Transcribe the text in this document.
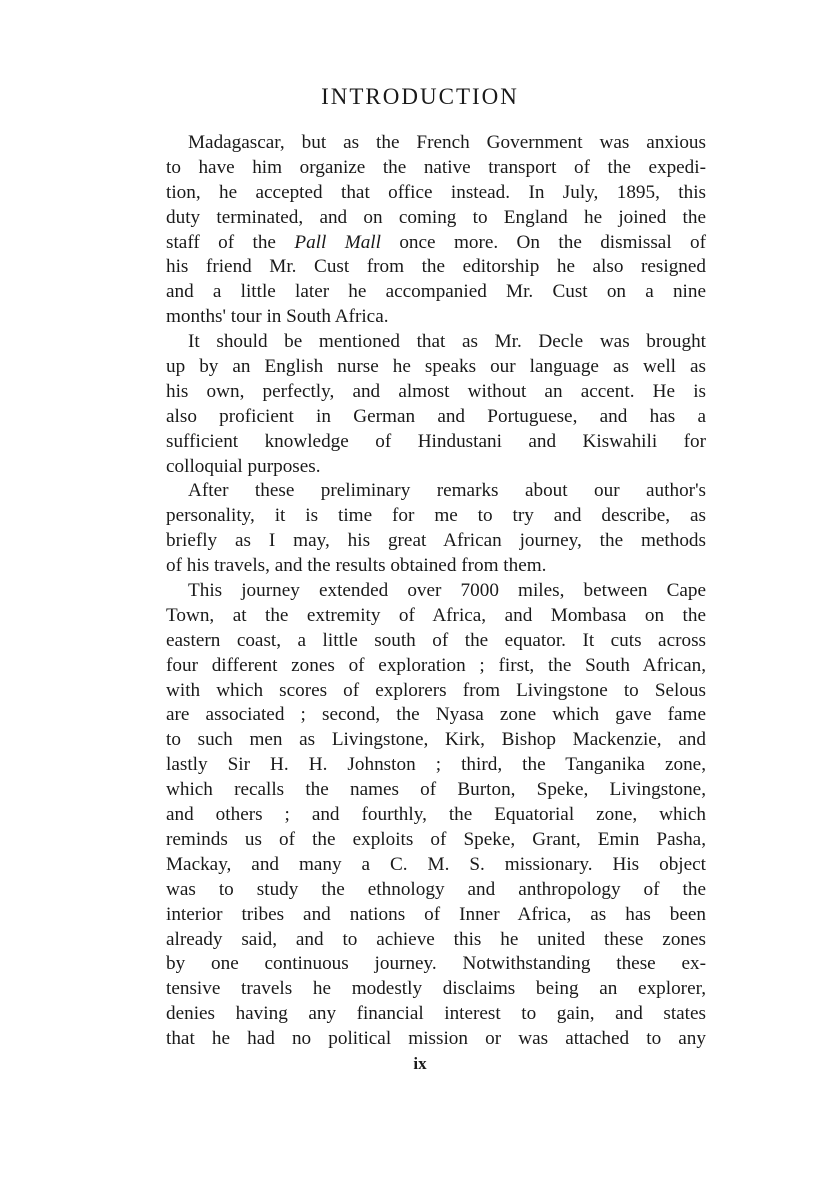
INTRODUCTION
Madagascar, but as the French Government was anxious
to have him organize the native transport of the expedi-
tion, he accepted that office instead. In July, 1895, this
duty terminated, and on coming to England he joined the
staff of the Pall Mall once more. On the dismissal of
his friend Mr. Cust from the editorship he also resigned
and a little later he accompanied Mr. Cust on a nine
months' tour in South Africa.
It should be mentioned that as Mr. Decle was brought
up by an English nurse he speaks our language as well as
his own, perfectly, and almost without an accent. He is
also proficient in German and Portuguese, and has a
sufficient knowledge of Hindustani and Kiswahili for
colloquial purposes.
After these preliminary remarks about our author's
personality, it is time for me to try and describe, as
briefly as I may, his great African journey, the methods
of his travels, and the results obtained from them.
This journey extended over 7000 miles, between Cape
Town, at the extremity of Africa, and Mombasa on the
eastern coast, a little south of the equator. It cuts across
four different zones of exploration ; first, the South African,
with which scores of explorers from Livingstone to Selous
are associated ; second, the Nyasa zone which gave fame
to such men as Livingstone, Kirk, Bishop Mackenzie, and
lastly Sir H. H. Johnston ; third, the Tanganika zone,
which recalls the names of Burton, Speke, Livingstone,
and others ; and fourthly, the Equatorial zone, which
reminds us of the exploits of Speke, Grant, Emin Pasha,
Mackay, and many a C. M. S. missionary. His object
was to study the ethnology and anthropology of the
interior tribes and nations of Inner Africa, as has been
already said, and to achieve this he united these zones
by one continuous journey. Notwithstanding these ex-
tensive travels he modestly disclaims being an explorer,
denies having any financial interest to gain, and states
that he had no political mission or was attached to any
ix
